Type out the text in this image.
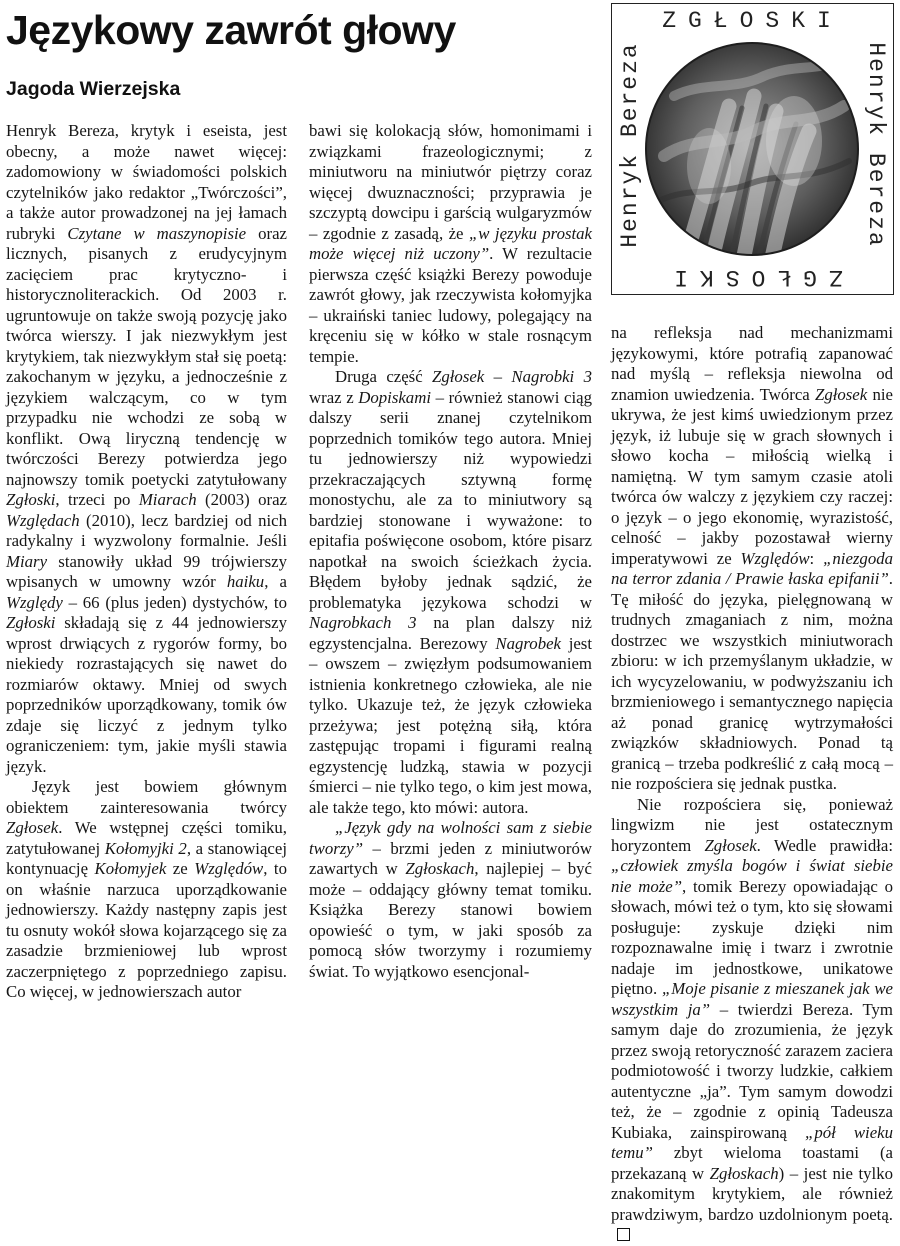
Językowy zawrót głowy
Jagoda Wierzejska

Henryk Bereza, krytyk i eseista, jest obecny, a może nawet więcej: zadomowiony w świadomości polskich czytelników jako redaktor „Twórczości”, a także autor prowadzonej na jej łamach rubryki Czytane w maszynopisie oraz licznych, pisanych z erudycyjnym zacięciem prac krytyczno- i historycznoliterackich. Od 2003 r. ugruntowuje on także swoją pozycję jako twórca wierszy. I jak niezwykłym jest krytykiem, tak niezwykłym stał się poetą: zakochanym w języku, a jednocześnie z językiem walczącym, co w tym przypadku nie wchodzi ze sobą w konflikt. Ową liryczną tendencję w twórczości Berezy potwierdza jego najnowszy tomik poetycki zatytułowany Zgłoski, trzeci po Miarach (2003) oraz Względach (2010), lecz bardziej od nich radykalny i wyzwolony formalnie. Jeśli Miary stanowiły układ 99 trójwierszy wpisanych w umowny wzór haiku, a Względy – 66 (plus jeden) dystychów, to Zgłoski składają się z 44 jednowierszy wprost drwiących z rygorów formy, bo niekiedy rozrastających się nawet do rozmiarów oktawy. Mniej od swych poprzedników uporządkowany, tomik ów zdaje się liczyć z jednym tylko ograniczeniem: tym, jakie myśli stawia język.

Język jest bowiem głównym obiektem zainteresowania twórcy Zgłosek. We wstępnej części tomiku, zatytułowanej Kołomyjki 2, a stanowiącej kontynuację Kołomyjek ze Względów, to on właśnie narzuca uporządkowanie jednowierszy. Każdy następny zapis jest tu osnuty wokół słowa kojarzącego się za zasadzie brzmieniowej lub wprost zaczerpniętego z poprzedniego zapisu. Co więcej, w jednowierszach autor

bawi się kolokacją słów, homonimami i związkami frazeologicznymi; z miniutworu na miniutwór piętrzy coraz więcej dwuznaczności; przyprawia je szczyptą dowcipu i garścią wulgaryzmów – zgodnie z zasadą, że „w języku prostak może więcej niż uczony”. W rezultacie pierwsza część książki Berezy powoduje zawrót głowy, jak rzeczywista kołomyjka – ukraiński taniec ludowy, polegający na kręceniu się w kółko w stale rosnącym tempie.

Druga część Zgłosek – Nagrobki 3 wraz z Dopiskami – również stanowi ciąg dalszy serii znanej czytelnikom poprzednich tomików tego autora. Mniej tu jednowierszy niż wypowiedzi przekraczających sztywną formę monostychu, ale za to miniutwory są bardziej stonowane i wyważone: to epitafia poświęcone osobom, które pisarz napotkał na swoich ścieżkach życia. Błędem byłoby jednak sądzić, że problematyka językowa schodzi w Nagrobkach 3 na plan dalszy niż egzystencjalna. Berezowy Nagrobek jest – owszem – zwięzłym podsumowaniem istnienia konkretnego człowieka, ale nie tylko. Ukazuje też, że język człowieka przeżywa; jest potężną siłą, która zastępując tropami i figurami realną egzystencję ludzką, stawia w pozycji śmierci – nie tylko tego, o kim jest mowa, ale także tego, kto mówi: autora.

„Język gdy na wolności sam z siebie tworzy” – brzmi jeden z miniutworów zawartych w Zgłoskach, najlepiej – być może – oddający główny temat tomiku. Książka Berezy stanowi bowiem opowieść o tym, w jaki sposób za pomocą słów tworzymy i rozumiemy świat. To wyjątkowo esencjonal-

na refleksja nad mechanizmami językowymi, które potrafią zapanować nad myślą – refleksja niewolna od znamion uwiedzenia. Twórca Zgłosek nie ukrywa, że jest kimś uwiedzionym przez język, iż lubuje się w grach słownych i słowo kocha – miłością wielką i namiętną. W tym samym czasie atoli twórca ów walczy z językiem czy raczej: o język – o jego ekonomię, wyrazistość, celność – jakby pozostawał wierny imperatywowi ze Względów: „niezgoda na terror zdania / Prawie łaska epifanii”. Tę miłość do języka, pielęgnowaną w trudnych zmaganiach z nim, można dostrzec we wszystkich miniutworach zbioru: w ich przemyślanym układzie, w ich wycyzelowaniu, w podwyższaniu ich brzmieniowego i semantycznego napięcia aż ponad granicę wytrzymałości związków składniowych. Ponad tą granicą – trzeba podkreślić z całą mocą – nie rozpościera się jednak pustka.

Nie rozpościera się, ponieważ lingwizm nie jest ostatecznym horyzontem Zgłosek. Wedle prawidła: „człowiek zmyśla bogów i świat siebie nie może”, tomik Berezy opowiadając o słowach, mówi też o tym, kto się słowami posługuje: zyskuje dzięki nim rozpoznawalne imię i twarz i zwrotnie nadaje im jednostkowe, unikatowe piętno. „Moje pisanie z mieszanek jak we wszystkim ja” – twierdzi Bereza. Tym samym daje do zrozumienia, że język przez swoją retoryczność zarazem zaciera podmiotowość i tworzy ludzkie, całkiem autentyczne „ja”. Tym samym dowodzi też, że – zgodnie z opinią Tadeusza Kubiaka, zainspirowaną „pół wieku temu” zbyt wieloma toastami (a przekazaną w Zgłoskach) – jest nie tylko znakomitym krytykiem, ale również prawdziwym, bardzo uzdolnionym poetą.

ZGŁOSKI
Henryk Bereza	Henryk Bereza
ZGŁOSKI
